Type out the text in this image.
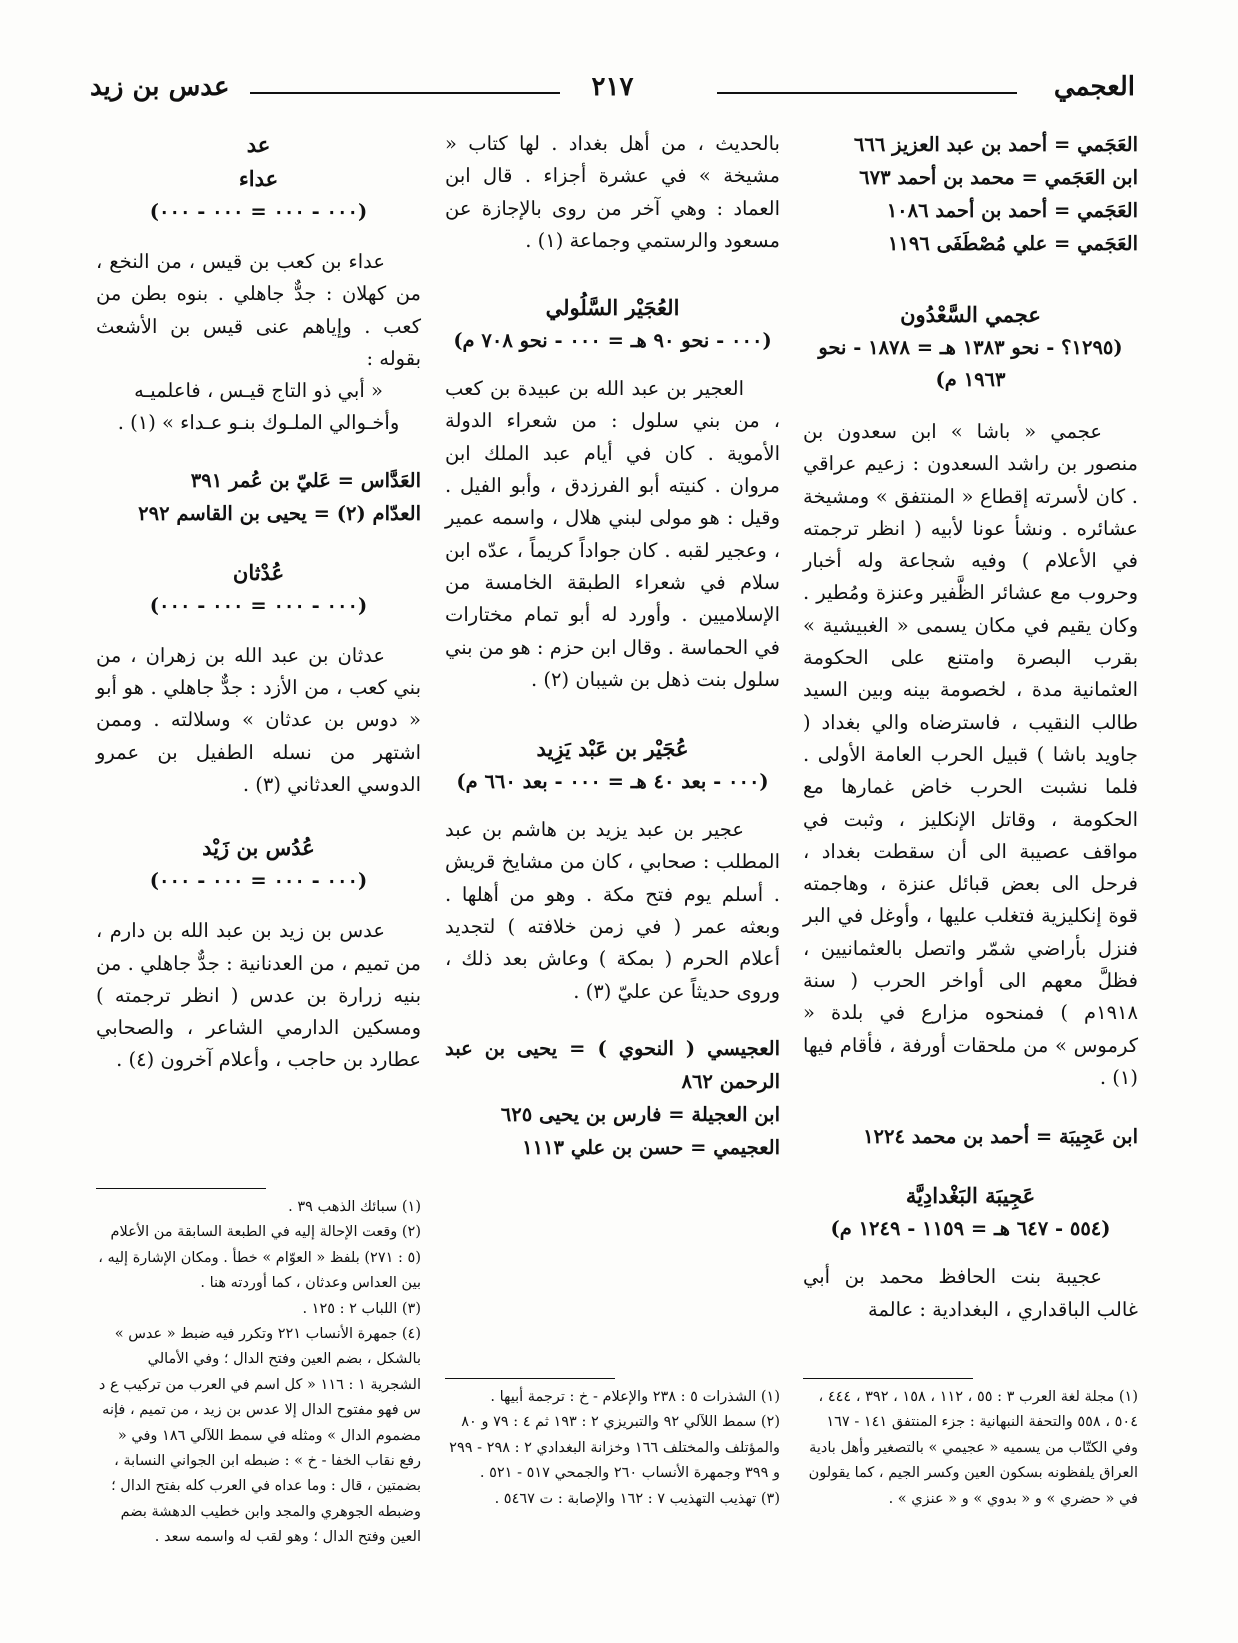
العجمي
٢١٧
عدس بن زيد

العَجَمي = أحمد بن عبد العزيز ٦٦٦

ابن العَجَمي = محمد بن أحمد ٦٧٣

العَجَمي = أحمد بن أحمد ١٠٨٦

العَجَمي = علي مُصْطَفَى ١١٩٦

عجمي السَّعْدُون

(١٢٩٥؟ - نحو ١٣٨٣ هـ = ١٨٧٨ - نحو ١٩٦٣ م)

عجمي « باشا » ابن سعدون بن منصور بن راشد السعدون : زعيم عراقي . كان لأسرته إقطاع « المنتفق » ومشيخة عشائره . ونشأ عونا لأبيه ( انظر ترجمته في الأعلام ) وفيه شجاعة وله أخبار وحروب مع عشائر الظَّفير وعنزة ومُطير . وكان يقيم في مكان يسمى « الغبيشية » بقرب البصرة وامتنع على الحكومة العثمانية مدة ، لخصومة بينه وبين السيد طالب النقيب ، فاسترضاه والي بغداد ( جاويد باشا ) قبيل الحرب العامة الأولى . فلما نشبت الحرب خاض غمارها مع الحكومة ، وقاتل الإنكليز ، وثبت في مواقف عصيبة الى أن سقطت بغداد ، فرحل الى بعض قبائل عنزة ، وهاجمته قوة إنكليزية فتغلب عليها ، وأوغل في البر فنزل بأراضي شمّر واتصل بالعثمانيين ، فظلَّ معهم الى أواخر الحرب ( سنة ١٩١٨م ) فمنحوه مزارع في بلدة « كرموس » من ملحقات أورفة ، فأقام فيها (١) .

ابن عَجِيبَة = أحمد بن محمد ١٢٢٤

عَجِيبَة البَغْدادِيَّة

(٥٥٤ - ٦٤٧ هـ = ١١٥٩ - ١٢٤٩ م)

عجيبة بنت الحافظ محمد بن أبي غالب الباقداري ، البغدادية : عالمة

(١) مجلة لغة العرب ٣ : ٥٥ ، ١١٢ ، ١٥٨ ، ٣٩٢ ، ٤٤٤ ، ٥٠٤ ، ٥٥٨ والتحفة النبهانية : جزء المنتفق ١٤١ - ١٦٧ وفي الكتّاب من يسميه « عجيمي » بالتصغير وأهل بادية العراق يلفظونه بسكون العين وكسر الجيم ، كما يقولون في « حضري » و « بدوي » و « عنزي » .

بالحديث ، من أهل بغداد . لها كتاب « مشيخة » في عشرة أجزاء . قال ابن العماد : وهي آخر من روى بالإجازة عن مسعود والرستمي وجماعة (١) .

العُجَيْر السَّلُولي

(٠٠٠ - نحو ٩٠ هـ = ٠٠٠ - نحو ٧٠٨ م)

العجير بن عبد الله بن عبيدة بن كعب ، من بني سلول : من شعراء الدولة الأموية . كان في أيام عبد الملك ابن مروان . كنيته أبو الفرزدق ، وأبو الفيل . وقيل : هو مولى لبني هلال ، واسمه عمير ، وعجير لقبه . كان جواداً كريماً ، عدّه ابن سلام في شعراء الطبقة الخامسة من الإسلاميين . وأورد له أبو تمام مختارات في الحماسة . وقال ابن حزم : هو من بني سلول بنت ذهل بن شيبان (٢) .

عُجَيْر بن عَبْد يَزِيد

(٠٠٠ - بعد ٤٠ هـ = ٠٠٠ - بعد ٦٦٠ م)

عجير بن عبد يزيد بن هاشم بن عبد المطلب : صحابي ، كان من مشايخ قريش . أسلم يوم فتح مكة . وهو من أهلها . وبعثه عمر ( في زمن خلافته ) لتجديد أعلام الحرم ( بمكة ) وعاش بعد ذلك ، وروى حديثاً عن عليّ (٣) .

العجيسي ( النحوي ) = يحيى بن عبد الرحمن ٨٦٢

ابن العجيلة = فارس بن يحيى ٦٢٥

العجيمي = حسن بن علي ١١١٣

(١) الشذرات ٥ : ٢٣٨ والإعلام - خ : ترجمة أبيها .

(٢) سمط اللآلي ٩٢ والتبريزي ٢ : ١٩٣ ثم ٤ : ٧٩ و ٨٠ والمؤتلف والمختلف ١٦٦ وخزانة البغدادي ٢ : ٢٩٨ - ٢٩٩ و ٣٩٩ وجمهرة الأنساب ٢٦٠ والجمحي ٥١٧ - ٥٢١ .

(٣) تهذيب التهذيب ٧ : ١٦٢ والإصابة : ت ٥٤٦٧ .

عد

عداء

(٠٠٠ - ٠٠٠ = ٠٠٠ - ٠٠٠)

عداء بن كعب بن قيس ، من النخع ، من كهلان : جدٌّ جاهلي . بنوه بطن من كعب . وإياهم عنى قيس بن الأشعث بقوله :

« أبي ذو التاج قيـس ، فاعلميـه

وأخـوالي الملـوك بنـو عـداء » (١) .

العَدَّاس = عَليّ بن عُمر ٣٩١

العدّام (٢) = يحيى بن القاسم ٢٩٢

عُدْثان

(٠٠٠ - ٠٠٠ = ٠٠٠ - ٠٠٠)

عدثان بن عبد الله بن زهران ، من بني كعب ، من الأزد : جدٌّ جاهلي . هو أبو « دوس بن عدثان » وسلالته . وممن اشتهر من نسله الطفيل بن عمرو الدوسي العدثاني (٣) .

عُدُس بن زَيْد

(٠٠٠ - ٠٠٠ = ٠٠٠ - ٠٠٠)

عدس بن زيد بن عبد الله بن دارم ، من تميم ، من العدنانية : جدٌّ جاهلي . من بنيه زرارة بن عدس ( انظر ترجمته ) ومسكين الدارمي الشاعر ، والصحابي عطارد بن حاجب ، وأعلام آخرون (٤) .

(١) سبائك الذهب ٣٩ .

(٢) وقعت الإحالة إليه في الطبعة السابقة من الأعلام (٥ : ٢٧١) بلفظ « العوّام » خطأ . ومكان الإشارة إليه ، بين العداس وعدثان ، كما أوردته هنا .

(٣) اللباب ٢ : ١٢٥ .

(٤) جمهرة الأنساب ٢٢١ وتكرر فيه ضبط « عدس » بالشكل ، بضم العين وفتح الدال ؛ وفي الأمالي الشجرية ١ : ١١٦ « كل اسم في العرب من تركيب ع د س فهو مفتوح الدال إلا عدس بن زيد ، من تميم ، فإنه مضموم الدال » ومثله في سمط اللآلي ١٨٦ وفي « رفع نقاب الخفا - خ » : ضبطه ابن الجواني النسابة ، بضمتين ، قال : وما عداه في العرب كله بفتح الدال ؛ وضبطه الجوهري والمجد وابن خطيب الدهشة بضم العين وفتح الدال ؛ وهو لقب له واسمه سعد .
